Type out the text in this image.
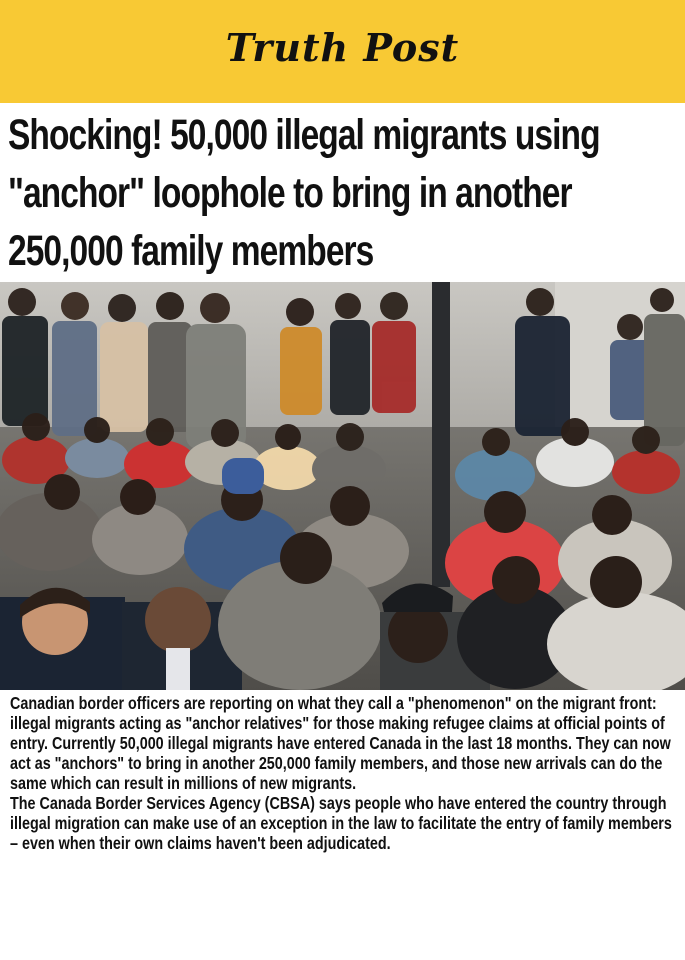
Truth Post
Shocking! 50,000 illegal migrants using "anchor" loophole to bring in another 250,000 family members

Canadian border officers are reporting on what they call a "phenomenon" on the migrant front: illegal migrants acting as "anchor relatives" for those making refugee claims at official points of entry. Currently 50,000 illegal migrants have entered Canada in the last 18 months. They can now act as "anchors" to bring in another 250,000 family members, and those new arrivals can do the same which can result in millions of new migrants.

The Canada Border Services Agency (CBSA) says people who have entered the country through illegal migration can make use of an exception in the law to facilitate the entry of family members – even when their own claims haven't been adjudicated.
